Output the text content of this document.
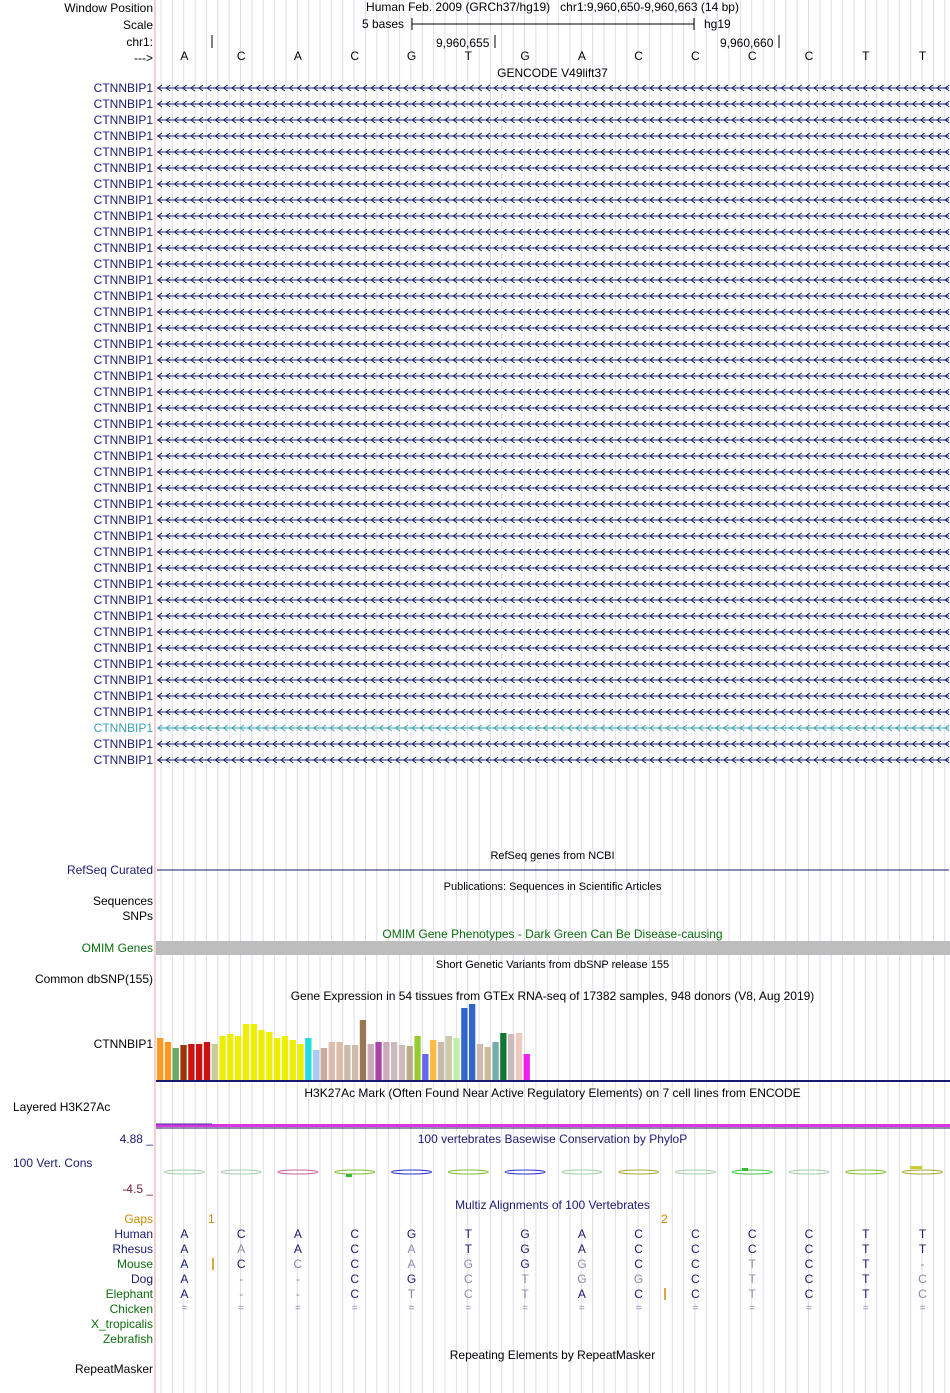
Window Position
Scale
chr1:
--->
Human Feb. 2009 (GRCh37/hg19)   chr1:9,960,650-9,960,663 (14 bp)
5 bases	hg19
9,960,655	9,960,660
A	C	A	C	G	T	G	A	C	C	C	C	T	T
GENCODE V49lift37
CTNNBIP1
CTNNBIP1
CTNNBIP1
CTNNBIP1
CTNNBIP1
CTNNBIP1
CTNNBIP1
CTNNBIP1
CTNNBIP1
CTNNBIP1
CTNNBIP1
CTNNBIP1
CTNNBIP1
CTNNBIP1
CTNNBIP1
CTNNBIP1
CTNNBIP1
CTNNBIP1
CTNNBIP1
CTNNBIP1
CTNNBIP1
CTNNBIP1
CTNNBIP1
CTNNBIP1
CTNNBIP1
CTNNBIP1
CTNNBIP1
CTNNBIP1
CTNNBIP1
CTNNBIP1
CTNNBIP1
CTNNBIP1
CTNNBIP1
CTNNBIP1
CTNNBIP1
CTNNBIP1
CTNNBIP1
CTNNBIP1
CTNNBIP1
CTNNBIP1
CTNNBIP1
CTNNBIP1
CTNNBIP1
RefSeq genes from NCBI
RefSeq Curated
Publications: Sequences in Scientific Articles
Sequences
SNPs
OMIM Gene Phenotypes - Dark Green Can Be Disease-causing
OMIM Genes
Short Genetic Variants from dbSNP release 155
Common dbSNP(155)
Gene Expression in 54 tissues from GTEx RNA-seq of 17382 samples, 948 donors (V8, Aug 2019)
CTNNBIP1
H3K27Ac Mark (Often Found Near Active Regulatory Elements) on 7 cell lines from ENCODE
Layered H3K27Ac
100 vertebrates Basewise Conservation by PhyloP
4.88 _
100 Vert. Cons
-4.5 _
Multiz Alignments of 100 Vertebrates
Gaps	1	2
Human	A	C	A	C	G	T	G	A	C	C	C	C	T	T
Rhesus	A	A	A	C	A	T	G	A	C	C	C	C	T	T
Mouse	A	C	C	C	A	G	G	G	C	C	T	C	T	-
Dog	A	-	-	C	G	C	T	G	G	C	T	C	T	C
Elephant	A	-	-	C	T	C	T	A	C	C	T	C	T	C
Chicken	=	=	=	=	=	=	=	=	=	=	=	=	=	=
X_tropicalis
Zebrafish
Repeating Elements by RepeatMasker
RepeatMasker
